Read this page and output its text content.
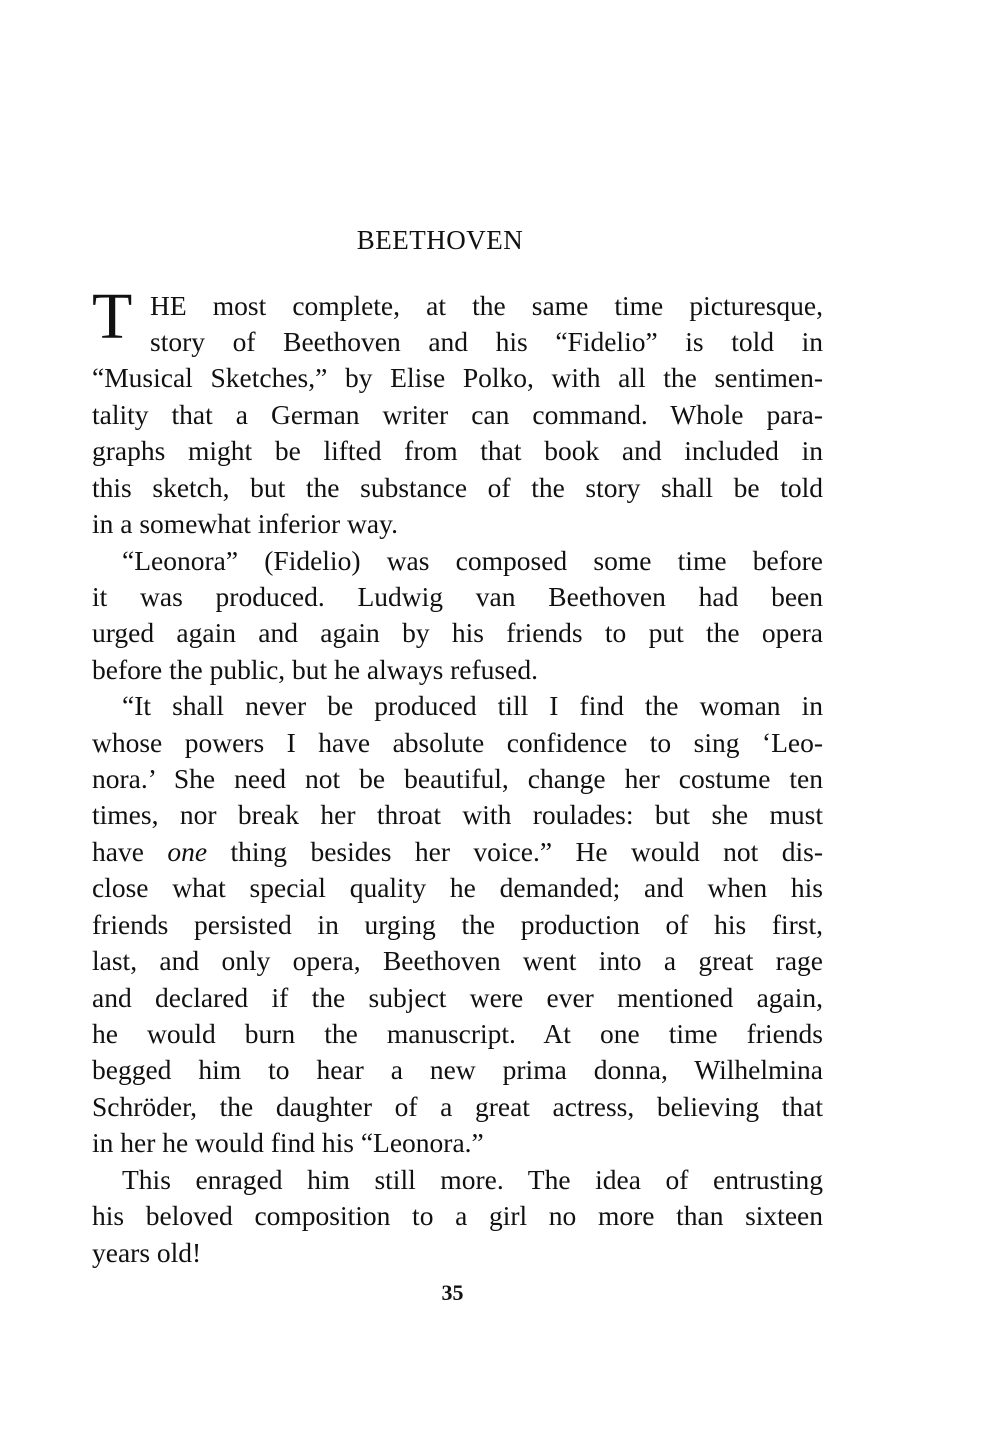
BEETHOVEN
T HE most complete, at the same time picturesque,
story of Beethoven and his “Fidelio” is told in
“Musical Sketches,” by Elise Polko, with all the sentimen-
tality that a German writer can command. Whole para-
graphs might be lifted from that book and included in
this sketch, but the substance of the story shall be told
in a somewhat inferior way.
“Leonora” (Fidelio) was composed some time before
it was produced. Ludwig van Beethoven had been
urged again and again by his friends to put the opera
before the public, but he always refused.
“It shall never be produced till I find the woman in
whose powers I have absolute confidence to sing ‘Leo-
nora.’ She need not be beautiful, change her costume ten
times, nor break her throat with roulades: but she must
have one thing besides her voice.” He would not dis-
close what special quality he demanded; and when his
friends persisted in urging the production of his first,
last, and only opera, Beethoven went into a great rage
and declared if the subject were ever mentioned again,
he would burn the manuscript. At one time friends
begged him to hear a new prima donna, Wilhelmina
Schröder, the daughter of a great actress, believing that
in her he would find his “Leonora.”
This enraged him still more. The idea of entrusting
his beloved composition to a girl no more than sixteen
years old!
35
